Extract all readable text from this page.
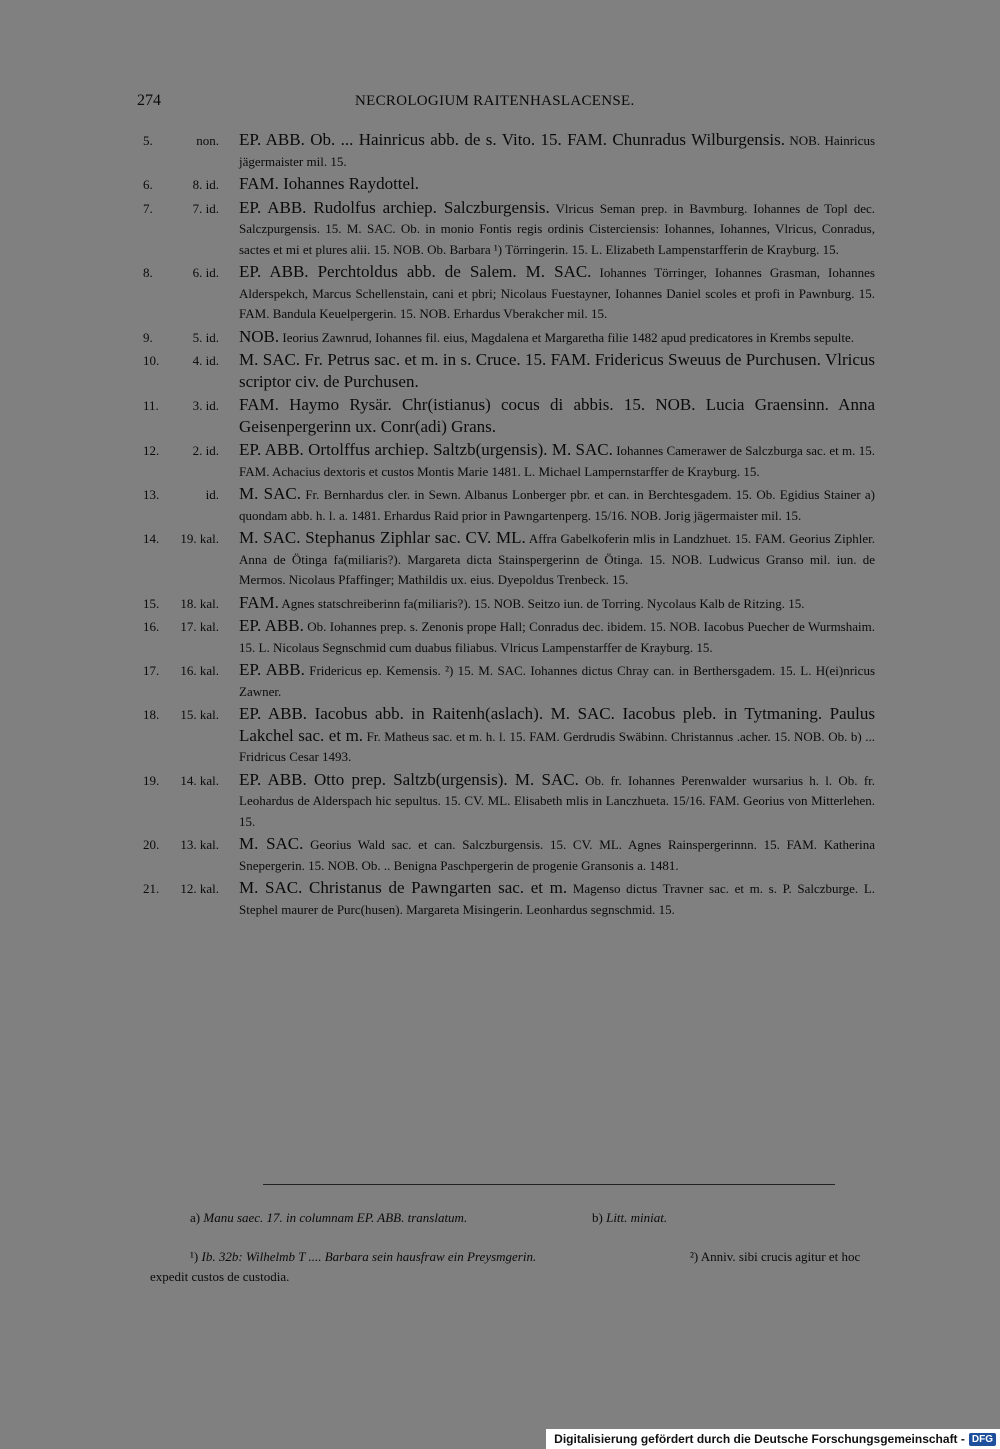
274	NECROLOGIUM RAITENHASLACENSE.
5.	non. EP. ABB. Ob. ... Hainricus abb. de s. Vito. 15. FAM. Chunradus Wilburgensis. NOB. Hainricus jägermaister mil. 15.
6.	8. id. FAM. Iohannes Raydottel.
7.	7. id. EP. ABB. Rudolfus archiep. Salczburgensis. Vlricus Seman prep. in Bavmburg. Iohannes de Topl dec. Salczpurgensis. 15. M. SAC. Ob. in monio Fontis regis ordinis Cisterciensis: Iohannes, Iohannes, Vlricus, Conradus, sactes et mi et plures alii. 15. NOB. Ob. Barbara ¹) Törringerin. 15. L. Elizabeth Lampenstarfferin de Krayburg. 15.
8.	6. id. EP. ABB. Perchtoldus abb. de Salem. M. SAC. Iohannes Törringer, Iohannes Grasman, Iohannes Alderspekch, Marcus Schellenstain, cani et pbri; Nicolaus Fuestayner, Iohannes Daniel scoles et profi in Pawnburg. 15. FAM. Bandula Keuelpergerin. 15. NOB. Erhardus Vberakcher mil. 15.
9.	5. id. NOB. Ieorius Zawnrud, Iohannes fil. eius, Magdalena et Margaretha filie 1482 apud predicatores in Krembs sepulte.
10.	4. id. M. SAC. Fr. Petrus sac. et m. in s. Cruce. 15. FAM. Fridericus Sweuus de Purchusen. Vlricus scriptor civ. de Purchusen.
11.	3. id. FAM. Haymo Rysär. Chr(istianus) cocus di abbis. 15. NOB. Lucia Graensinn. Anna Geisenpergerinn ux. Conr(adi) Grans.
12.	2. id. EP. ABB. Ortolffus archiep. Saltzb(urgensis). M. SAC. Iohannes Camerawer de Salczburga sac. et m. 15. FAM. Achacius dextoris et custos Montis Marie 1481. L. Michael Lampernstarffer de Krayburg. 15.
13.	id. M. SAC. Fr. Bernhardus cler. in Sewn. Albanus Lonberger pbr. et can. in Berchtesgadem. 15. Ob. Egidius Stainer a) quondam abb. h. l. a. 1481. Erhardus Raid prior in Pawngartenperg. 15/16. NOB. Jorig jägermaister mil. 15.
14.	19. kal. M. SAC. Stephanus Ziphlar sac. CV. ML. Affra Gabelkoferin mlis in Landzhuet. 15. FAM. Georius Ziphler. Anna de Ötinga fa(miliaris?). Margareta dicta Stainspergerinn de Ötinga. 15. NOB. Ludwicus Granso mil. iun. de Mermos. Nicolaus Pfaffinger; Mathildis ux. eius. Dyepoldus Trenbeck. 15.
15.	18. kal. FAM. Agnes statschreiberinn fa(miliaris?). 15. NOB. Seitzo iun. de Torring. Nycolaus Kalb de Ritzing. 15.
16.	17. kal. EP. ABB. Ob. Iohannes prep. s. Zenonis prope Hall; Conradus dec. ibidem. 15. NOB. Iacobus Puecher de Wurmshaim. 15. L. Nicolaus Segnschmid cum duabus filiabus. Vlricus Lampenstarffer de Krayburg. 15.
17.	16. kal. EP. ABB. Fridericus ep. Kemensis. ²) 15. M. SAC. Iohannes dictus Chray can. in Berthersgadem. 15. L. H(ei)nricus Zawner.
18.	15. kal. EP. ABB. Iacobus abb. in Raitenh(aslach). M. SAC. Iacobus pleb. in Tytmaning. Paulus Lakchel sac. et m. Fr. Matheus sac. et m. h. l. 15. FAM. Gerdrudis Swäbinn. Christannus .acher. 15. NOB. Ob. b) ... Fridricus Cesar 1493.
19.	14. kal. EP. ABB. Otto prep. Saltzb(urgensis). M. SAC. Ob. fr. Iohannes Perenwalder wursarius h. l. Ob. fr. Leohardus de Alderspach hic sepultus. 15. CV. ML. Elisabeth mlis in Lanczhueta. 15/16. FAM. Georius von Mitterlehen. 15.
20.	13. kal. M. SAC. Georius Wald sac. et can. Salczburgensis. 15. CV. ML. Agnes Rainspergerinnn. 15. FAM. Katherina Snepergerin. 15. NOB. Ob. .. Benigna Paschpergerin de progenie Gransonis a. 1481.
21.	12. kal. M. SAC. Christanus de Pawngarten sac. et m. Magenso dictus Travner sac. et m. s. P. Salczburge. L. Stephel maurer de Purc(husen). Margareta Misingerin. Leonhardus segnschmid. 15.
a) Manu saec. 17. in columnam EP. ABB. translatum.	b) Litt. miniat.
¹) Ib. 32b: Wilhelmb T .... Barbara sein hausfraw ein Preysmgerin.	²) Anniv. sibi crucis agitur et hoc expedit custos de custodia.
Digitalisierung gefördert durch die Deutsche Forschungsgemeinschaft - DFG
